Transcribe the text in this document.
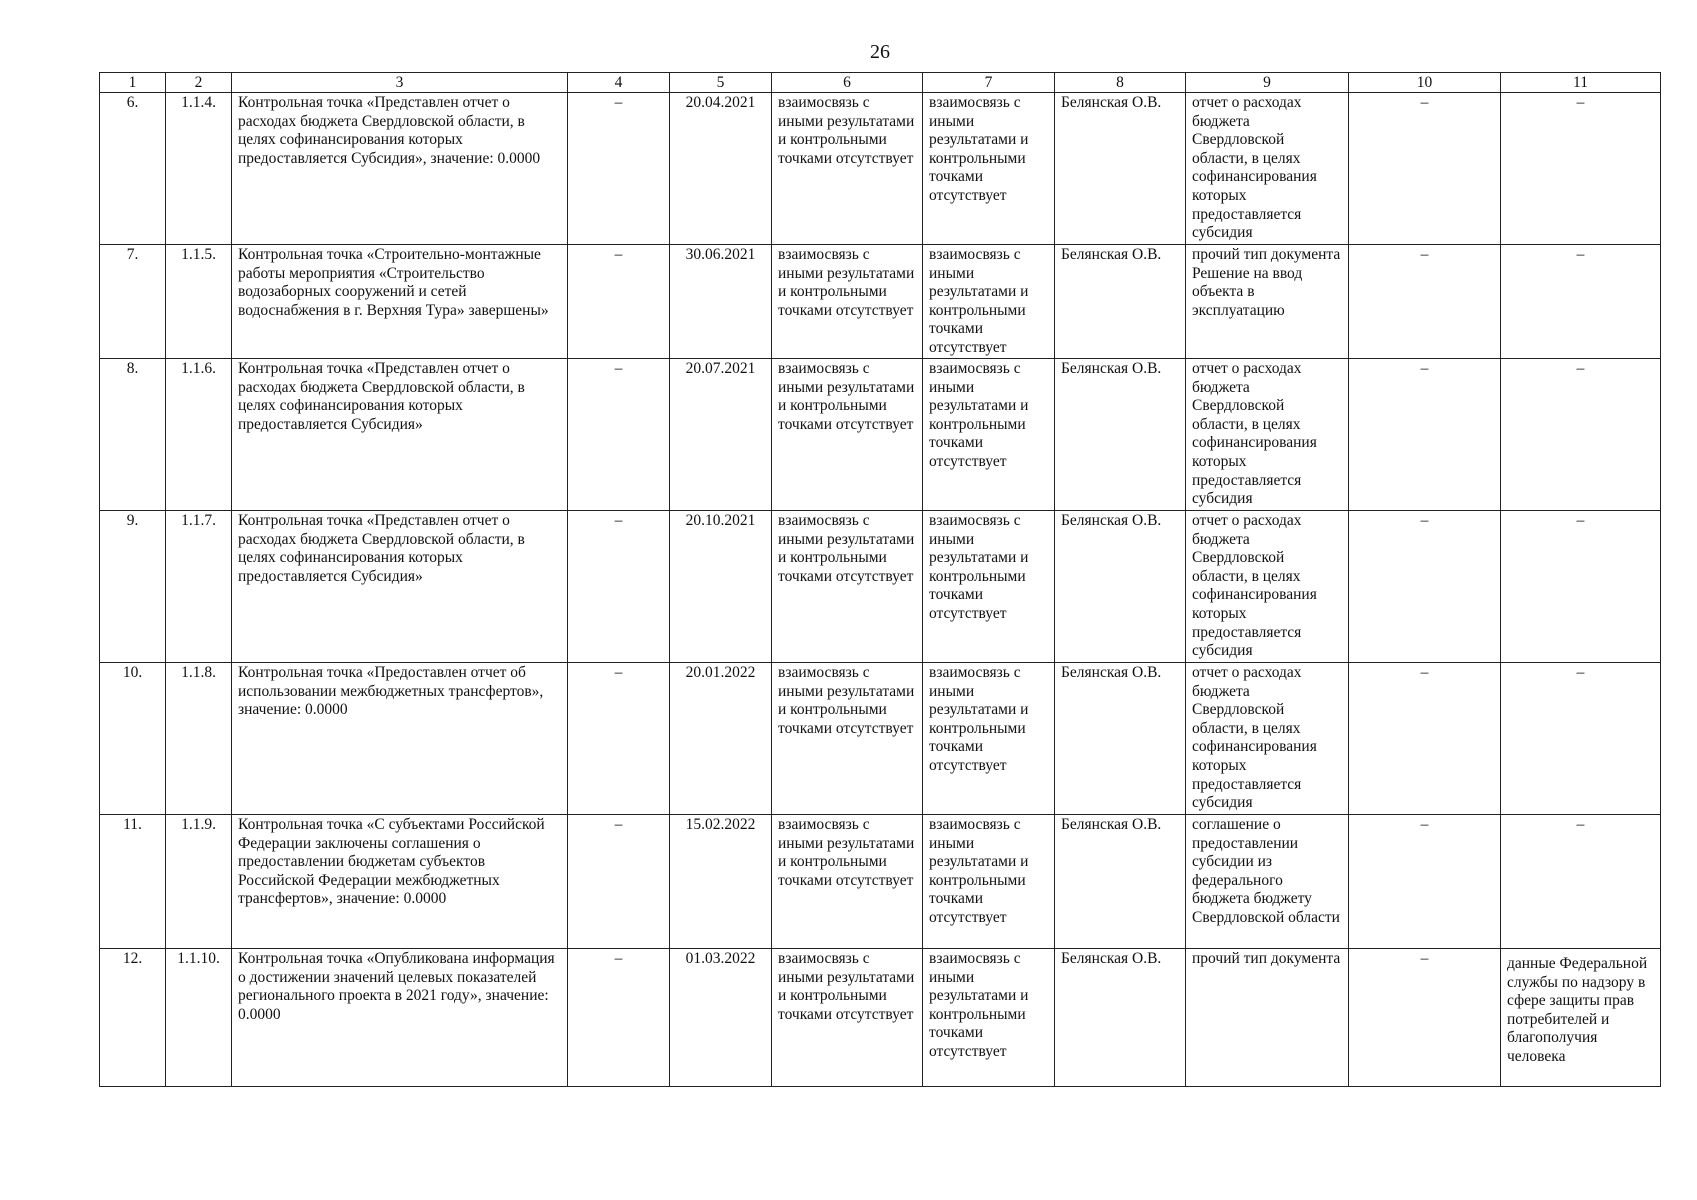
26
1	2	3	4	5	6	7	8	9	10	11
6.	1.1.4.	Контрольная точка «Представлен отчет о расходах бюджета Свердловской области, в целях софинансирования которых предоставляется Субсидия», значение: 0.0000	–	20.04.2021	взаимосвязь с иными результатами и контрольными точками отсутствует	взаимосвязь с иными результатами и контрольными точками отсутствует	Белянская О.В.	отчет о расходах бюджета Свердловской области, в целях софинансирования которых предоставляется субсидия	–	–
7.	1.1.5.	Контрольная точка «Строительно-монтажные работы мероприятия «Строительство водозаборных сооружений и сетей водоснабжения в г. Верхняя Тура» завершены»	–	30.06.2021	взаимосвязь с иными результатами и контрольными точками отсутствует	взаимосвязь с иными результатами и контрольными точками отсутствует	Белянская О.В.	прочий тип документа Решение на ввод объекта в эксплуатацию	–	–
8.	1.1.6.	Контрольная точка «Представлен отчет о расходах бюджета Свердловской области, в целях софинансирования которых предоставляется Субсидия»	–	20.07.2021	взаимосвязь с иными результатами и контрольными точками отсутствует	взаимосвязь с иными результатами и контрольными точками отсутствует	Белянская О.В.	отчет о расходах бюджета Свердловской области, в целях софинансирования которых предоставляется субсидия	–	–
9.	1.1.7.	Контрольная точка «Представлен отчет о расходах бюджета Свердловской области, в целях софинансирования которых предоставляется Субсидия»	–	20.10.2021	взаимосвязь с иными результатами и контрольными точками отсутствует	взаимосвязь с иными результатами и контрольными точками отсутствует	Белянская О.В.	отчет о расходах бюджета Свердловской области, в целях софинансирования которых предоставляется субсидия	–	–
10.	1.1.8.	Контрольная точка «Предоставлен отчет об использовании межбюджетных трансфертов», значение: 0.0000	–	20.01.2022	взаимосвязь с иными результатами и контрольными точками отсутствует	взаимосвязь с иными результатами и контрольными точками отсутствует	Белянская О.В.	отчет о расходах бюджета Свердловской области, в целях софинансирования которых предоставляется субсидия	–	–
11.	1.1.9.	Контрольная точка «С субъектами Российской Федерации заключены соглашения о предоставлении бюджетам субъектов Российской Федерации межбюджетных трансфертов», значение: 0.0000	–	15.02.2022	взаимосвязь с иными результатами и контрольными точками отсутствует	взаимосвязь с иными результатами и контрольными точками отсутствует	Белянская О.В.	соглашение о предоставлении субсидии из федерального бюджета бюджету Свердловской области	–	–
12.	1.1.10.	Контрольная точка «Опубликована информация о достижении значений целевых показателей регионального проекта в 2021 году», значение: 0.0000	–	01.03.2022	взаимосвязь с иными результатами и контрольными точками отсутствует	взаимосвязь с иными результатами и контрольными точками отсутствует	Белянская О.В.	прочий тип документа	–	данные Федеральной службы по надзору в сфере защиты прав потребителей и благополучия человека
